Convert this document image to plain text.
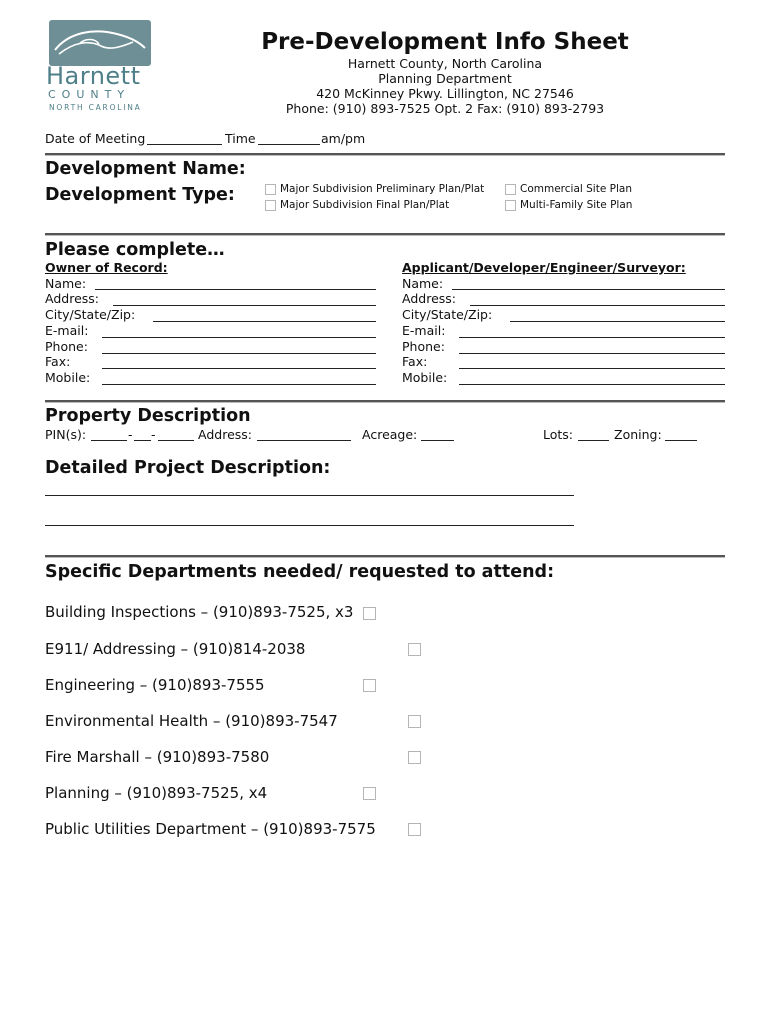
Harnett
COUNTY
NORTH CAROLINA
Pre-Development Info Sheet
Harnett County, North Carolina
Planning Department
420 McKinney Pkwy. Lillington, NC 27546
Phone: (910) 893-7525 Opt. 2 Fax: (910) 893-2793
Date of Meeting	Time	am/pm
Development Name:
Development Type:	Major Subdivision Preliminary Plan/Plat
Major Subdivision Final Plan/Plat
Commercial Site Plan
Multi-Family Site Plan
Please complete…
Owner of Record:	Applicant/Developer/Engineer/Surveyor:
Name:
Address:
City/State/Zip:
E-mail:
Phone:
Fax:
Mobile:
Name:
Address:
City/State/Zip:
E-mail:
Phone:
Fax:
Mobile:
Property Description
PIN(s):	- -	Address:	Acreage:	Lots:	Zoning:
Detailed Project Description:
Specific Departments needed/ requested to attend:
Building Inspections – (910)893-7525, x3
E911/ Addressing – (910)814-2038
Engineering – (910)893-7555
Environmental Health – (910)893-7547
Fire Marshall – (910)893-7580
Planning – (910)893-7525, x4
Public Utilities Department – (910)893-7575
